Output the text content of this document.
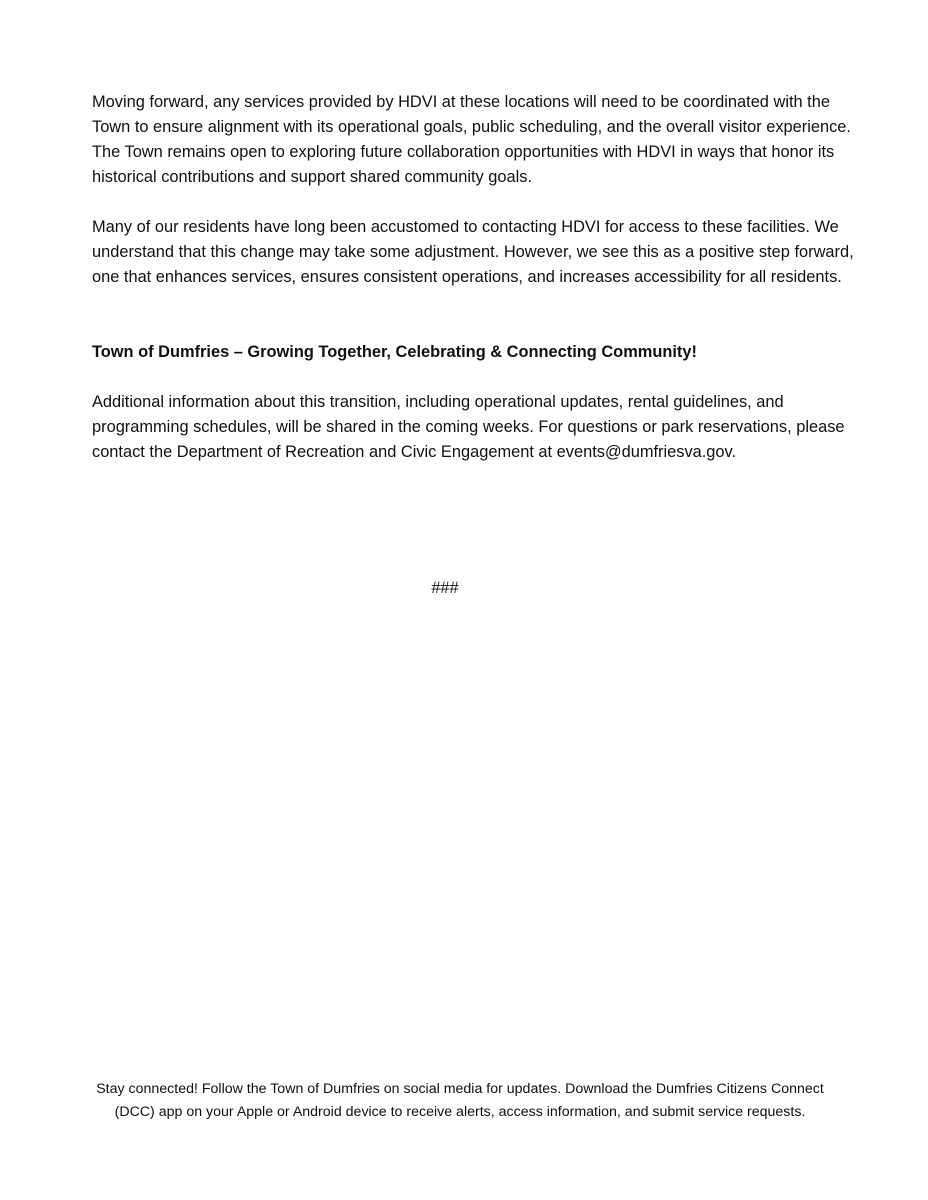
Moving forward, any services provided by HDVI at these locations will need to be coordinated with the Town to ensure alignment with its operational goals, public scheduling, and the overall visitor experience. The Town remains open to exploring future collaboration opportunities with HDVI in ways that honor its historical contributions and support shared community goals.

Many of our residents have long been accustomed to contacting HDVI for access to these facilities. We understand that this change may take some adjustment. However, we see this as a positive step forward, one that enhances services, ensures consistent operations, and increases accessibility for all residents.

Town of Dumfries – Growing Together, Celebrating & Connecting Community!

Additional information about this transition, including operational updates, rental guidelines, and programming schedules, will be shared in the coming weeks. For questions or park reservations, please contact the Department of Recreation and Civic Engagement at events@dumfriesva.gov.

###

Stay connected! Follow the Town of Dumfries on social media for updates. Download the Dumfries Citizens Connect (DCC) app on your Apple or Android device to receive alerts, access information, and submit service requests.
